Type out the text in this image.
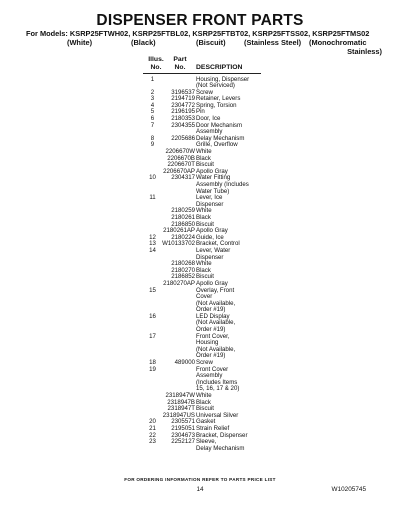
DISPENSER FRONT PARTS
For Models: KSRP25FTWH02, KSRP25FTBL02, KSRP25FTBT02, KSRP25FTSS02, KSRP25FTMS02
(White)	(Black)	(Biscuit) (Stainless Steel) (Monochromatic
Stainless)
Illus.
No.
Part
No.	DESCRIPTION
1	Housing, Dispenser
(Not Serviced)
2	3196537 Screw
3	2194719 Retainer, Levers
4	2304772 Spring, Torsion
5	2196195 Pin
6	2180353 Door, Ice
7	2304355 Door Mechanism
Assembly
8	2205686 Delay Mechanism
9	Grille, Overflow
2206670W White
2206670B Black
2206670T Biscuit
2206670AP Apollo Gray
10	2304317 Water Fitting
Assembly (Includes
Water Tube)
11	Lever, Ice
Dispenser
2180259 White
2180261 Black
2186850 Biscuit
2180261AP Apollo Gray
12	2180224 Guide, Ice
13	W10133702 Bracket, Control
14	Lever, Water
Dispenser
2180268 White
2180270 Black
2186852 Biscuit
2180270AP Apollo Gray
15	Overlay, Front
Cover
(Not Available,
Order #19)
16	LED Display
(Not Available,
Order #19)
17	Front Cover,
Housing
(Not Available,
Order #19)
18	489000 Screw
19	Front Cover
Assembly
(Includes Items
15, 16, 17 & 20)
2318947W White
2318947B Black
2318947T Biscuit
2318947US Universal Silver
20	2305571 Gasket
21	2195051 Strain Relief
22	2304673 Bracket, Dispenser
23	2252127 Sleeve,
Delay Mechanism
FOR ORDERING INFORMATION REFER TO PARTS PRICE LIST
14	W10205745
